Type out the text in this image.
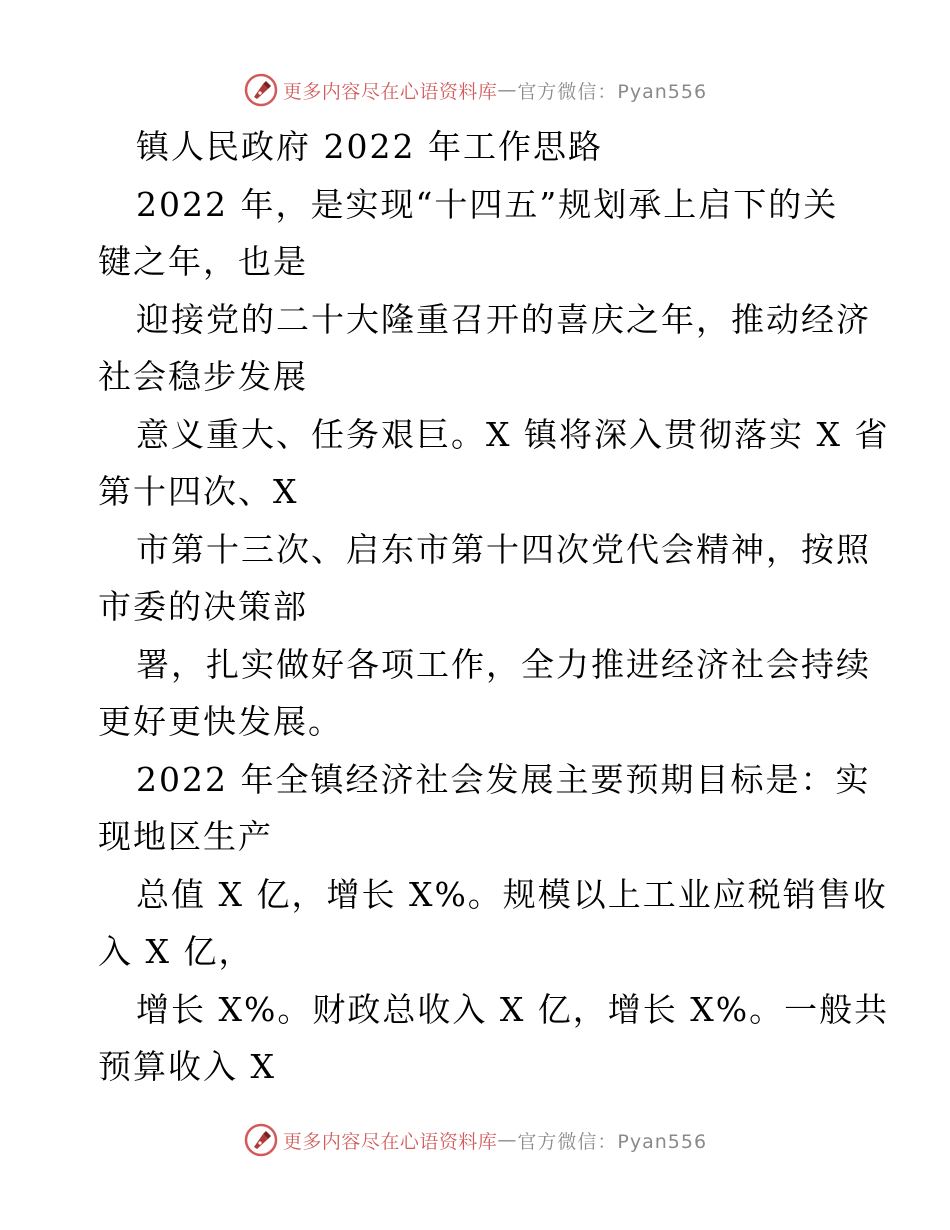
更多内容尽在心语资料库 — 官方微信：Pyan556
镇人民政府 2022 年工作思路
2022 年，是实现“十四五”规划承上启下的关
键之年，也是
迎接党的二十大隆重召开的喜庆之年，推动经济
社会稳步发展
意义重大、任务艰巨。X 镇将深入贯彻落实 X 省
第十四次、X
市第十三次、启东市第十四次党代会精神，按照
市委的决策部
署，扎实做好各项工作，全力推进经济社会持续
更好更快发展。
2022 年全镇经济社会发展主要预期目标是：实
现地区生产
总值 X 亿，增长 X%。规模以上工业应税销售收
入 X 亿，
增长 X%。财政总收入 X 亿，增长 X%。一般共
预算收入 X
更多内容尽在心语资料库 — 官方微信：Pyan556
